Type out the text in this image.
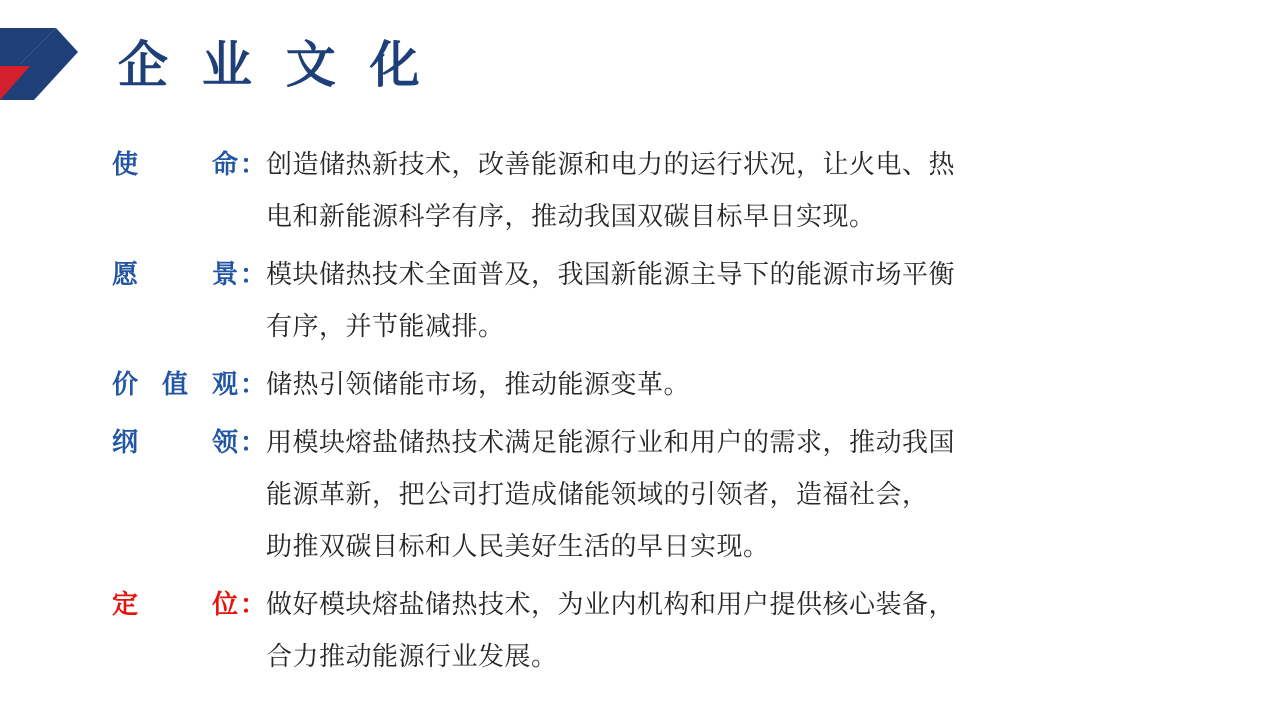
企 业 文 化
使 命 ： 创造储热新技术，改善能源和电力的运行状况，让火电、热
电和新能源科学有序，推动我国双碳目标早日实现。
愿 景 ： 模块储热技术全面普及，我国新能源主导下的能源市场平衡
有序，并节能减排。
价值观 ： 储热引领储能市场，推动能源变革。
纲 领 ： 用模块熔盐储热技术满足能源行业和用户的需求，推动我国
能源革新，把公司打造成储能领域的引领者，造福社会，
助推双碳目标和人民美好生活的早日实现。
定 位 ： 做好模块熔盐储热技术，为业内机构和用户提供核心装备，
合力推动能源行业发展。
